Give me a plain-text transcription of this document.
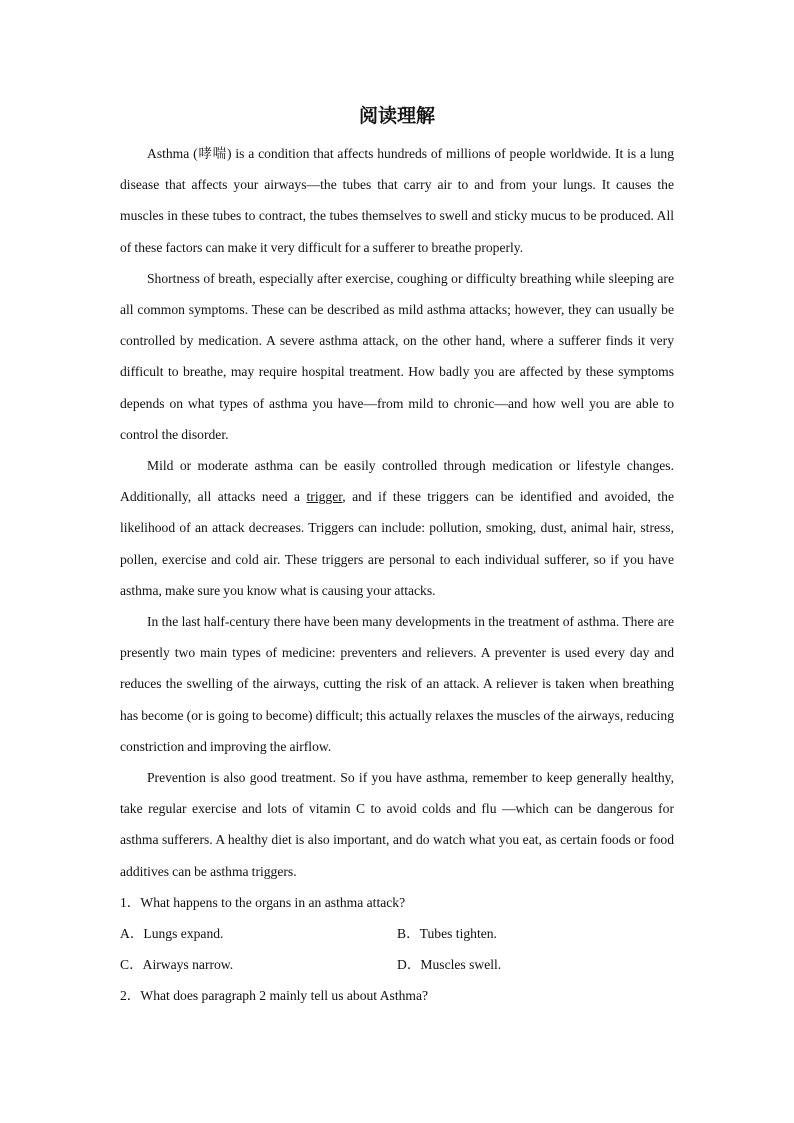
阅读理解

Asthma (哮喘) is a condition that affects hundreds of millions of people worldwide. It is a lung disease that affects your airways—the tubes that carry air to and from your lungs. It causes the muscles in these tubes to contract, the tubes themselves to swell and sticky mucus to be produced. All of these factors can make it very difficult for a sufferer to breathe properly.

Shortness of breath, especially after exercise, coughing or difficulty breathing while sleeping are all common symptoms. These can be described as mild asthma attacks; however, they can usually be controlled by medication. A severe asthma attack, on the other hand, where a sufferer finds it very difficult to breathe, may require hospital treatment. How badly you are affected by these symptoms depends on what types of asthma you have—from mild to chronic—and how well you are able to control the disorder.

Mild or moderate asthma can be easily controlled through medication or lifestyle changes. Additionally, all attacks need a trigger, and if these triggers can be identified and avoided, the likelihood of an attack decreases. Triggers can include: pollution, smoking, dust, animal hair, stress, pollen, exercise and cold air. These triggers are personal to each individual sufferer, so if you have asthma, make sure you know what is causing your attacks.

In the last half-century there have been many developments in the treatment of asthma. There are presently two main types of medicine: preventers and relievers. A preventer is used every day and reduces the swelling of the airways, cutting the risk of an attack. A reliever is taken when breathing has become (or is going to become) difficult; this actually relaxes the muscles of the airways, reducing constriction and improving the airflow.

Prevention is also good treatment. So if you have asthma, remember to keep generally healthy, take regular exercise and lots of vitamin C to avoid colds and flu —which can be dangerous for asthma sufferers. A healthy diet is also important, and do watch what you eat, as certain foods or food additives can be asthma triggers.

1．What happens to the organs in an asthma attack?

A．Lungs expand.	B．Tubes tighten.
C．Airways narrow.	D．Muscles swell.

2．What does paragraph 2 mainly tell us about Asthma?
